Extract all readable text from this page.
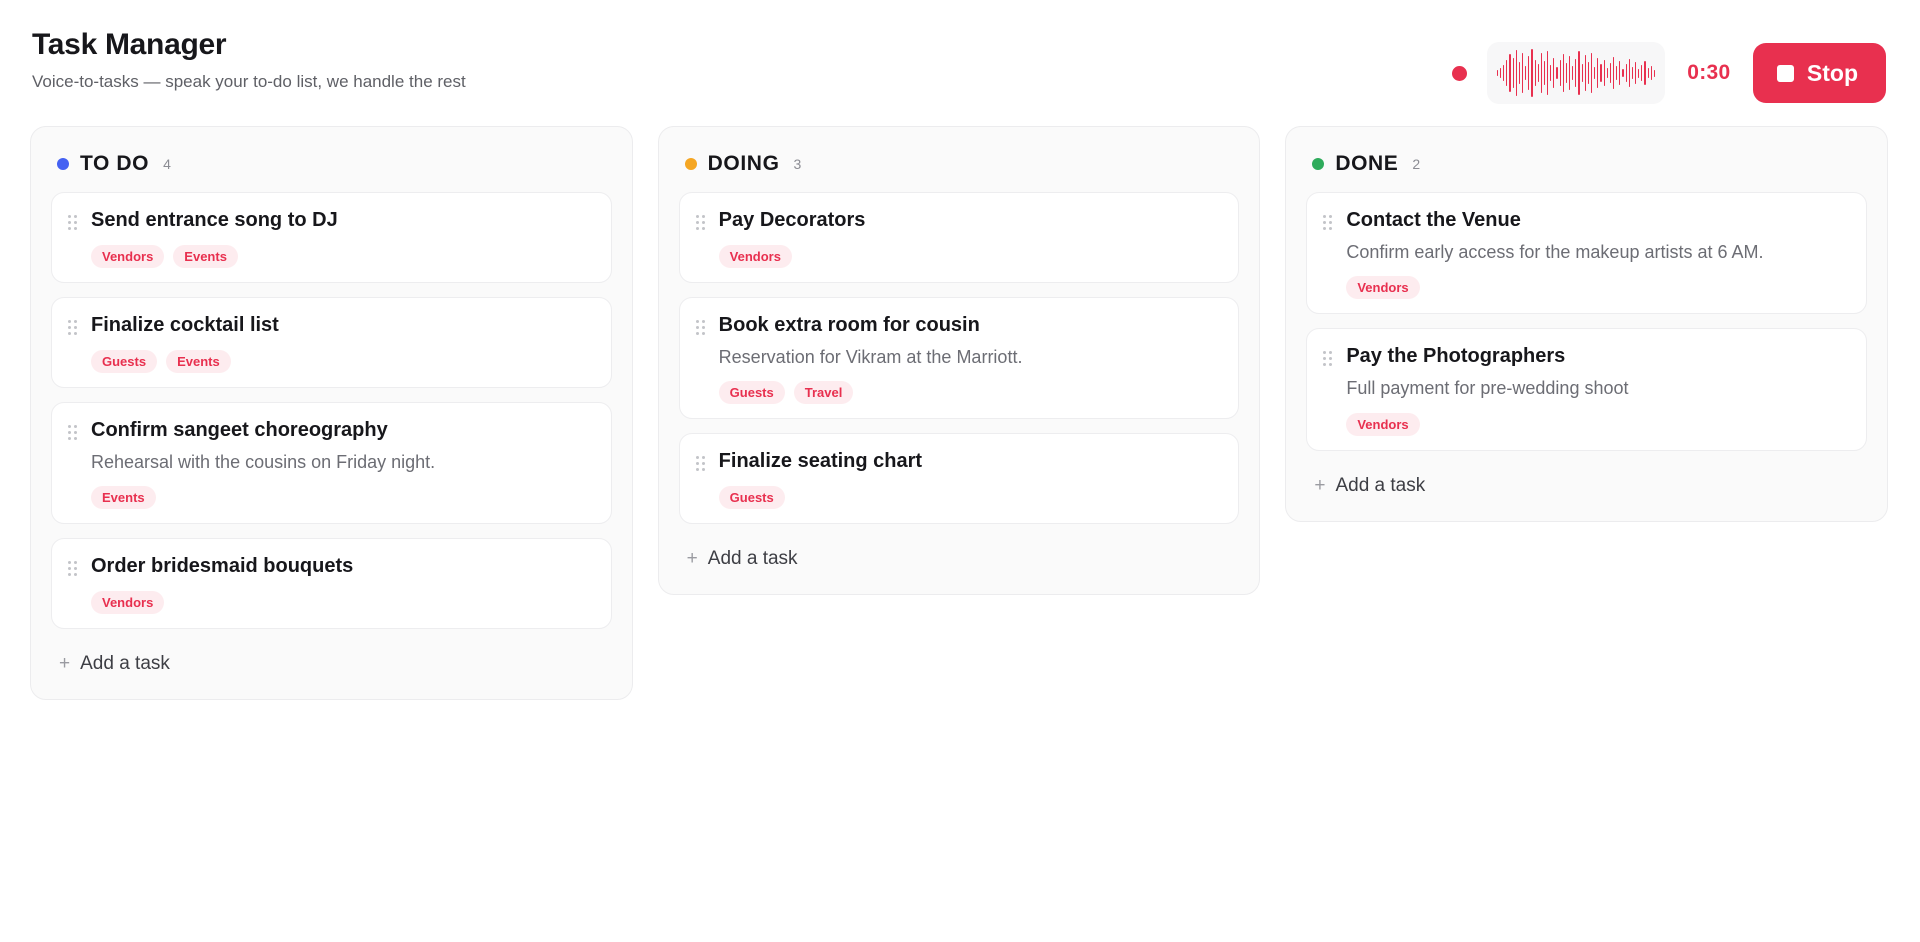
Task Manager
Voice-to-tasks — speak your to-do list, we handle the rest	0:30	Stop
TO DO 4
Send entrance song to DJ
Vendors	Events
Finalize cocktail list
Guests	Events
Confirm sangeet choreography
Rehearsal with the cousins on Friday night.
Events
Order bridesmaid bouquets
Vendors
+ Add a task
DOING 3
Pay Decorators
Vendors
Book extra room for cousin
Reservation for Vikram at the Marriott.
Guests	Travel
Finalize seating chart
Guests
+ Add a task
DONE 2
Contact the Venue
Confirm early access for the makeup artists at 6 AM.
Vendors
Pay the Photographers
Full payment for pre-wedding shoot
Vendors
+ Add a task
